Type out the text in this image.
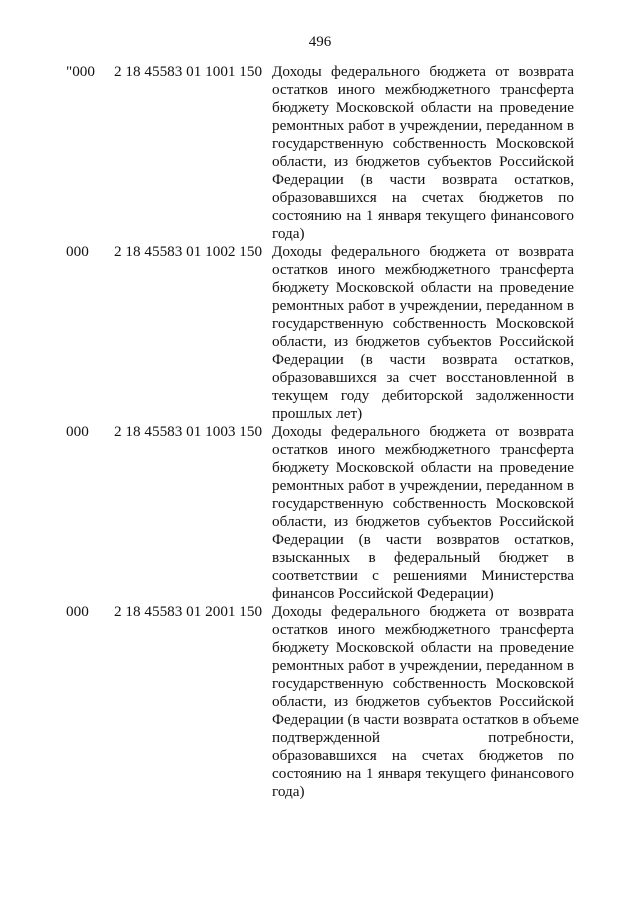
496
"000 2 18 45583 01 1001 150 Доходы федерального бюджета от возврата
остатков иного межбюджетного трансферта
бюджету Московской области на проведение
ремонтных работ в учреждении, переданном в
государственную собственность Московской
области, из бюджетов субъектов Российской
Федерации (в части возврата остатков,
образовавшихся на счетах бюджетов по
состоянию на 1 января текущего финансового
года)
000 2 18 45583 01 1002 150 Доходы федерального бюджета от возврата
остатков иного межбюджетного трансферта
бюджету Московской области на проведение
ремонтных работ в учреждении, переданном в
государственную собственность Московской
области, из бюджетов субъектов Российской
Федерации (в части возврата остатков,
образовавшихся за счет восстановленной в
текущем году дебиторской задолженности
прошлых лет)
000 2 18 45583 01 1003 150 Доходы федерального бюджета от возврата
остатков иного межбюджетного трансферта
бюджету Московской области на проведение
ремонтных работ в учреждении, переданном в
государственную собственность Московской
области, из бюджетов субъектов Российской
Федерации (в части возвратов остатков,
взысканных в федеральный бюджет в
соответствии с решениями Министерства
финансов Российской Федерации)
000 2 18 45583 01 2001 150 Доходы федерального бюджета от возврата
остатков иного межбюджетного трансферта
бюджету Московской области на проведение
ремонтных работ в учреждении, переданном в
государственную собственность Московской
области, из бюджетов субъектов Российской
Федерации (в части возврата остатков в объеме
подтвержденной потребности,
образовавшихся на счетах бюджетов по
состоянию на 1 января текущего финансового
года)
